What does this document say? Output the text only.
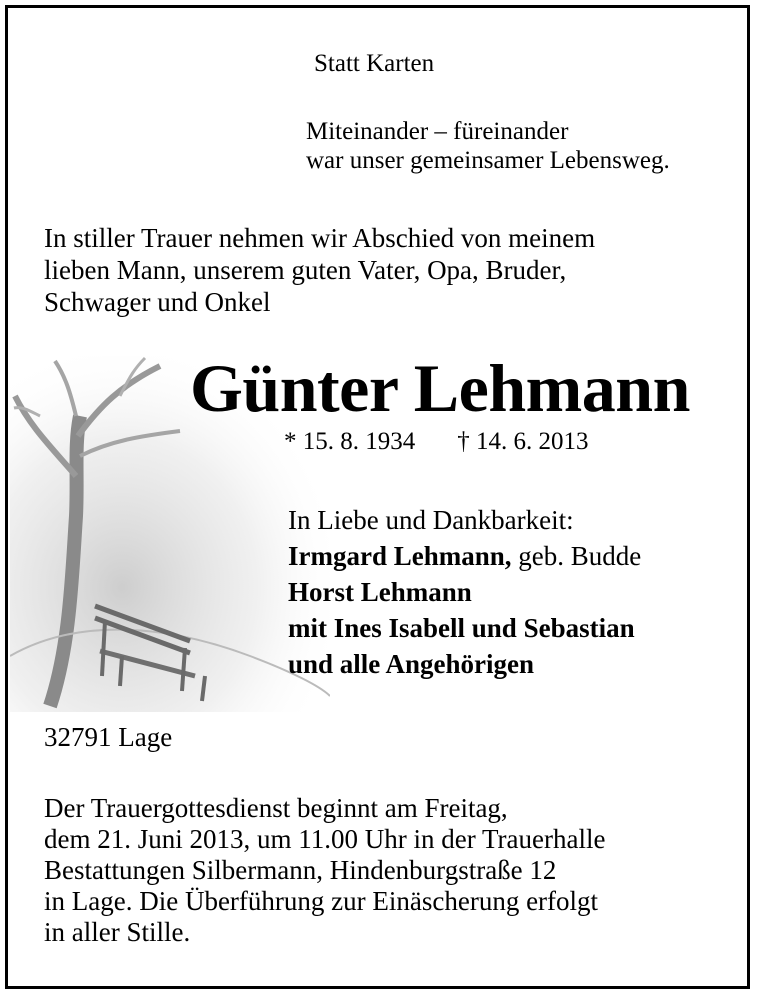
Statt Karten
Miteinander – füreinander
war unser gemeinsamer Lebensweg.
In stiller Trauer nehmen wir Abschied von meinem
lieben Mann, unserem guten Vater, Opa, Bruder,
Schwager und Onkel
Günter Lehmann
* 15. 8. 1934 † 14. 6. 2013
In Liebe und Dankbarkeit:
Irmgard Lehmann, geb. Budde
Horst Lehmann
mit Ines Isabell und Sebastian
und alle Angehörigen
32791 Lage
Der Trauergottesdienst beginnt am Freitag,
dem 21. Juni 2013, um 11.00 Uhr in der Trauerhalle
Bestattungen Silbermann, Hindenburgstraße 12
in Lage. Die Überführung zur Einäscherung erfolgt
in aller Stille.
